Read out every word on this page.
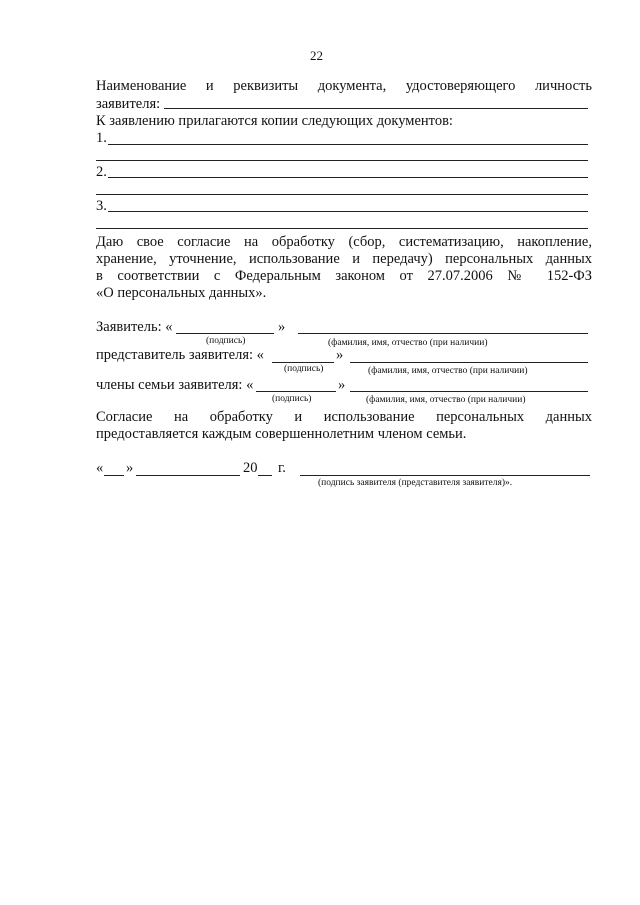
22
Наименование и реквизиты документа, удостоверяющего личность
заявителя:
К заявлению прилагаются копии следующих документов:
1.
2.
3.
Даю свое согласие на обработку (сбор, систематизацию, накопление,
хранение, уточнение, использование и передачу) персональных данных
в соответствии с Федеральным законом от 27.07.2006 № 152-ФЗ
«О персональных данных».
Заявитель: «	»
(подпись)	(фамилия, имя, отчество (при наличии)
представитель заявителя: «	»
(подпись)	(фамилия, имя, отчество (при наличии)
члены семьи заявителя: «	»
(подпись)	(фамилия, имя, отчество (при наличии)
Согласие на обработку и использование персональных данных
предоставляется каждым совершеннолетним членом семьи.
« »	20 г.
(подпись заявителя (представителя заявителя)».
